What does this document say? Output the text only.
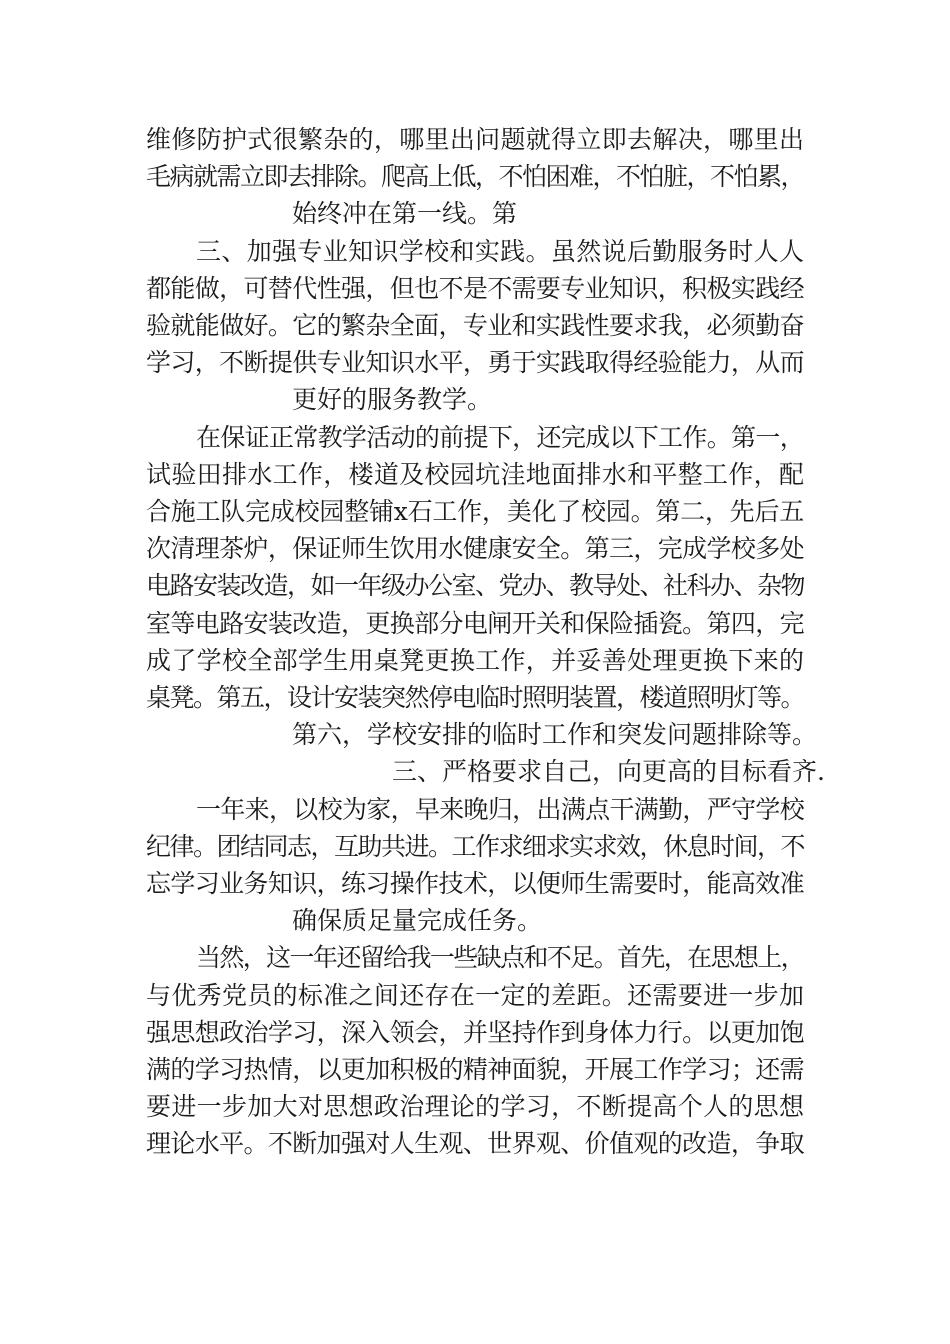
维修防护式很繁杂的，哪里出问题就得立即去解决，哪里出
毛病就需立即去排除。爬高上低，不怕困难，不怕脏，不怕累，
始终冲在第一线。第
三、加强专业知识学校和实践。虽然说后勤服务时人人
都能做，可替代性强，但也不是不需要专业知识，积极实践经
验就能做好。它的繁杂全面，专业和实践性要求我，必须勤奋
学习，不断提供专业知识水平，勇于实践取得经验能力，从而
更好的服务教学。
在保证正常教学活动的前提下，还完成以下工作。第一，
试验田排水工作，楼道及校园坑洼地面排水和平整工作，配
合施工队完成校园整铺x石工作，美化了校园。第二，先后五
次清理茶炉，保证师生饮用水健康安全。第三，完成学校多处
电路安装改造，如一年级办公室、党办、教导处、社科办、杂物
室等电路安装改造，更换部分电闸开关和保险插瓷。第四，完
成了学校全部学生用桌凳更换工作，并妥善处理更换下来的
桌凳。第五，设计安装突然停电临时照明装置，楼道照明灯等。
第六，学校安排的临时工作和突发问题排除等。
三、严格要求自己，向更高的目标看齐.
一年来，以校为家，早来晚归，出满点干满勤，严守学校
纪律。团结同志，互助共进。工作求细求实求效，休息时间，不
忘学习业务知识，练习操作技术，以便师生需要时，能高效准
确保质足量完成任务。
当然，这一年还留给我一些缺点和不足。首先，在思想上，
与优秀党员的标准之间还存在一定的差距。还需要进一步加
强思想政治学习，深入领会，并坚持作到身体力行。以更加饱
满的学习热情，以更加积极的精神面貌，开展工作学习；还需
要进一步加大对思想政治理论的学习，不断提高个人的思想
理论水平。不断加强对人生观、世界观、价值观的改造，争取
